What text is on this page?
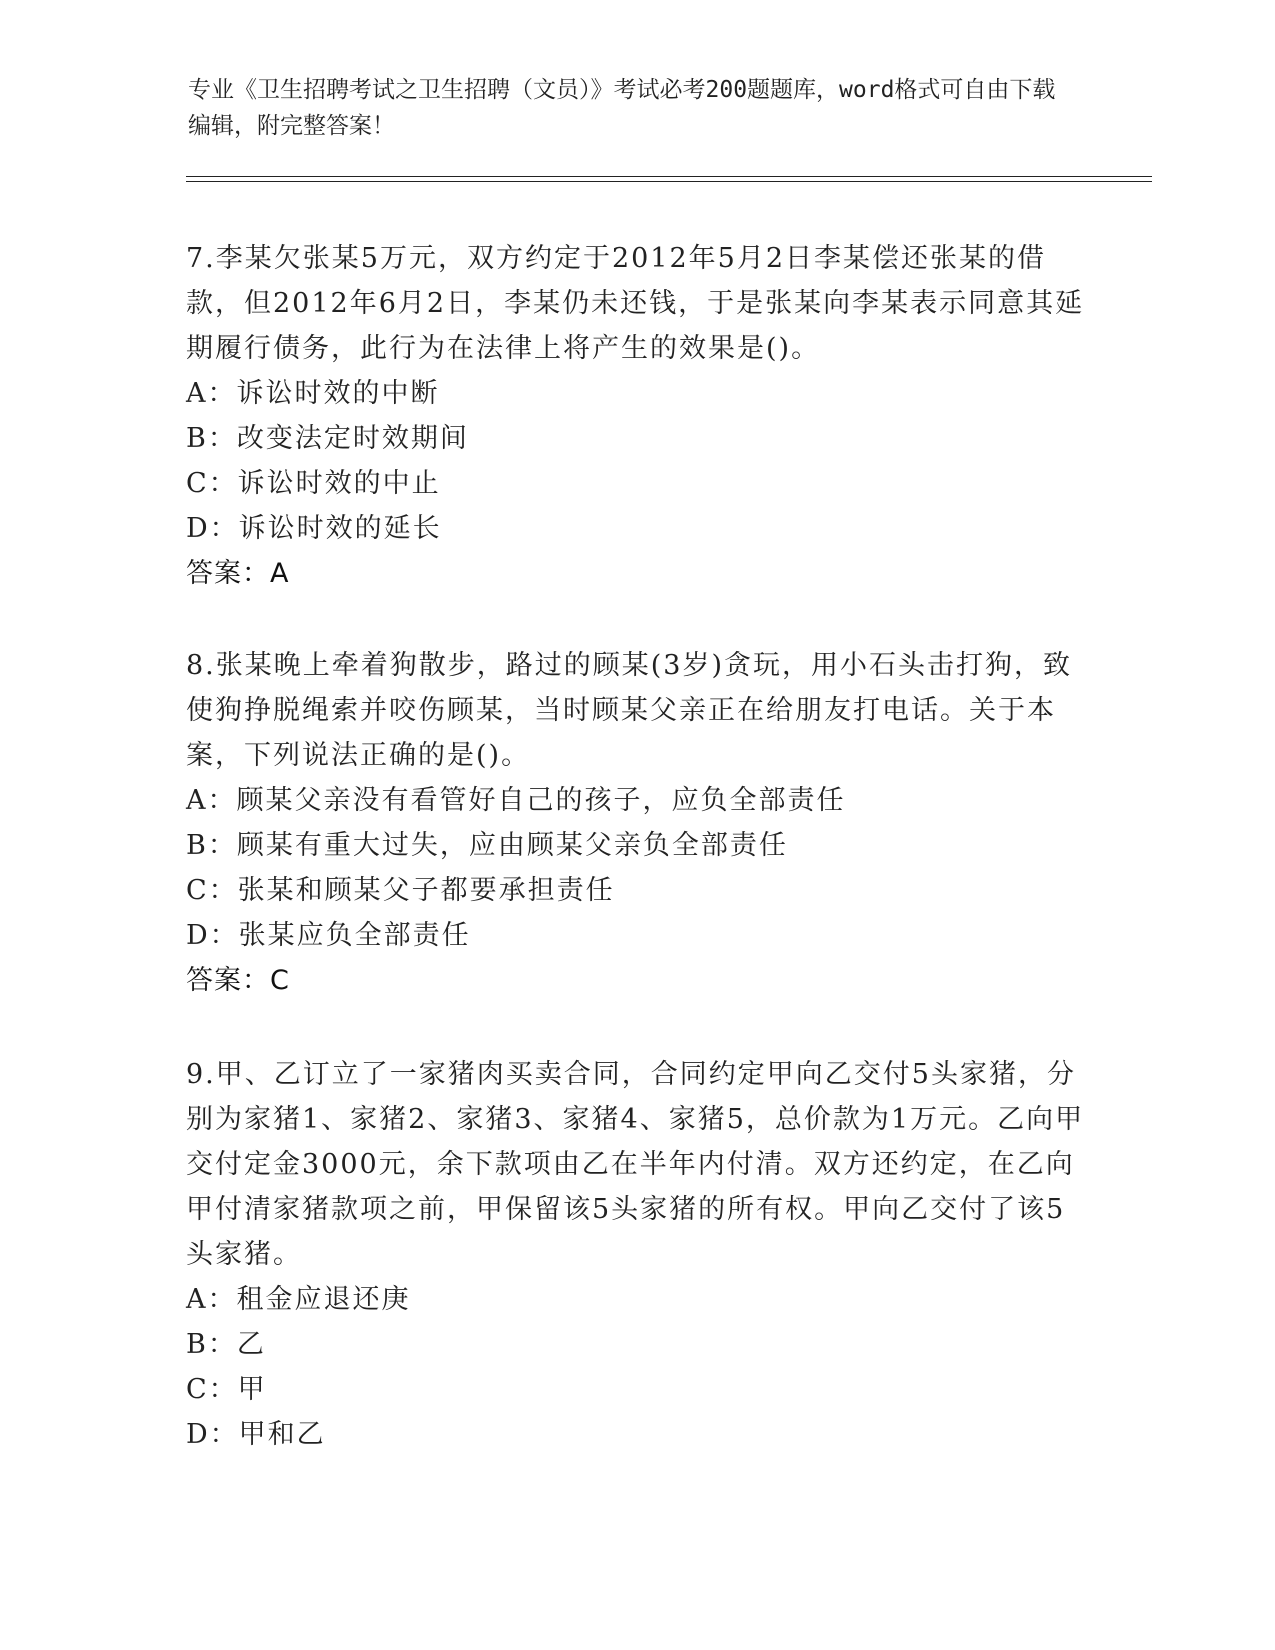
专业《卫生招聘考试之卫生招聘（文员）》考试必考200题题库，word格式可自由下载编辑，附完整答案！

7.李某欠张某5万元，双方约定于2012年5月2日李某偿还张某的借款，但2012年6月2日，李某仍未还钱，于是张某向李某表示同意其延期履行债务，此行为在法律上将产生的效果是()。

A：诉讼时效的中断

B：改变法定时效期间

C：诉讼时效的中止

D：诉讼时效的延长

答案：A

8.张某晚上牵着狗散步，路过的顾某(3岁)贪玩，用小石头击打狗，致使狗挣脱绳索并咬伤顾某，当时顾某父亲正在给朋友打电话。关于本案，下列说法正确的是()。

A：顾某父亲没有看管好自己的孩子，应负全部责任

B：顾某有重大过失，应由顾某父亲负全部责任

C：张某和顾某父子都要承担责任

D：张某应负全部责任

答案：C

9.甲、乙订立了一家猪肉买卖合同，合同约定甲向乙交付5头家猪，分别为家猪1、家猪2、家猪3、家猪4、家猪5，总价款为1万元。乙向甲交付定金3000元，余下款项由乙在半年内付清。双方还约定，在乙向甲付清家猪款项之前，甲保留该5头家猪的所有权。甲向乙交付了该5头家猪。

A：租金应退还庚

B：乙

C：甲

D：甲和乙
